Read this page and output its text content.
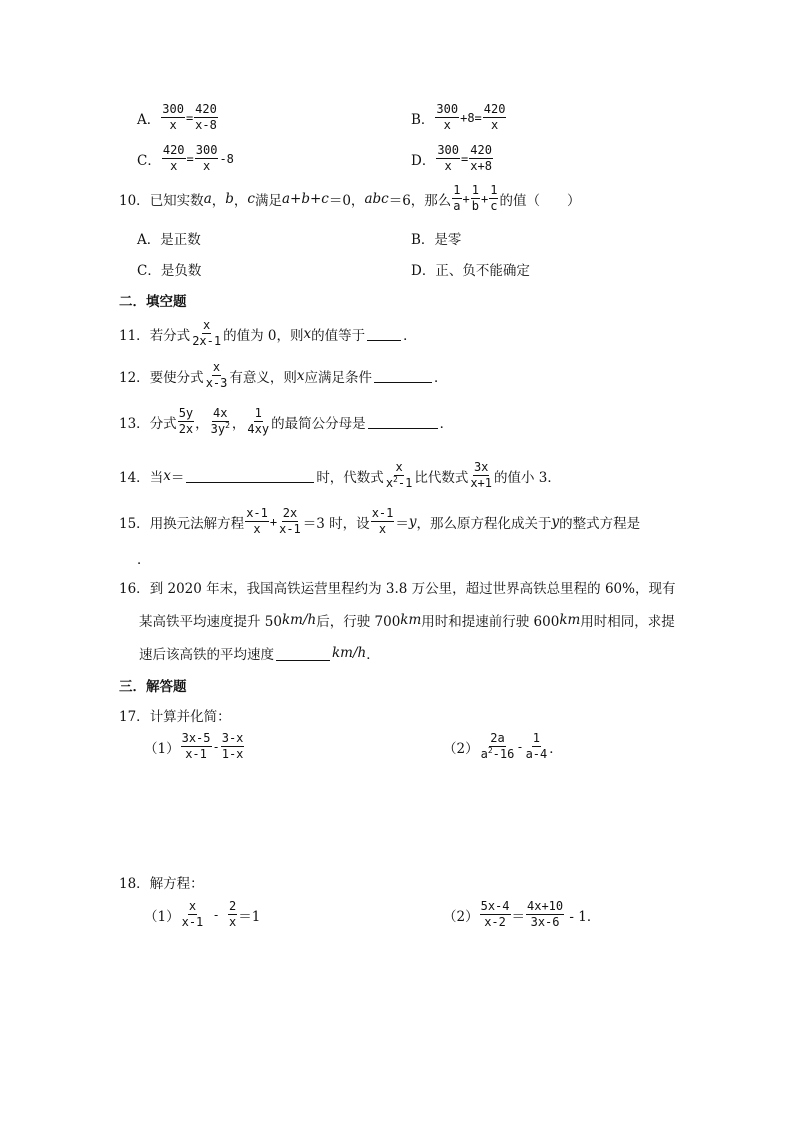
A． $\frac{300}{x} = \frac{420}{x-8}$	B． $\frac{300}{x} +8= \frac{420}{x}$
C． $\frac{420}{x} = \frac{300}{x} -8$	D． $\frac{300}{x} = \frac{420}{x+8}$
10． 已知实数 a ， b ， c 满足 a+b+c ＝0， abc ＝6，那么 $\frac{1}{a} + \frac{1}{b} + \frac{1}{c}$ 的值（　　）
A．是正数	B．是零
C．是负数	D．正、负不能确定
二．填空题
11． 若分式 $\frac{x}{2x-1}$ 的值为 0，则 x 的值等于	．
12． 要使分式 $\frac{x}{x-3}$ 有意义，则 x 应满足条件	．
13． 分式 $\frac{5y}{2x}$ ， $\frac{4x}{3y^2}$ ， $\frac{1}{4xy}$ 的最简公分母是	．
14． 当 x ＝	时，代数式 $\frac{x}{x^2-1}$ 比代数式 $\frac{3x}{x+1}$ 的值小 3．
15． 用换元法解方程 $\frac{x-1}{x} + \frac{2x}{x-1} =3$ 时，设 $\frac{x-1}{x} = y$ ，那么原方程化成关于 y 的整式方程是
．
16． 到 2020 年末，我国高铁运营里程约为 3.8 万公里，超过世界高铁总里程的 60%，现有
某高铁平均速度提升 50 km/h 后，行驶 700 km 用时和提速前行驶 600 km 用时相同，求提
速后该高铁的平均速度	km/h ．
三．解答题
17． 计算并化简：
$(1) \frac{3x-5}{x-1} - \frac{3-x}{1-x}$	$(2) \frac{2a}{a^2-16} - \frac{1}{a-4}$ ．
18． 解方程：
$(1) \frac{x}{x-1} - \frac{2}{x} =1$	$(2) \frac{5x-4}{x-2} = \frac{4x+10}{3x-6} - 1$．
